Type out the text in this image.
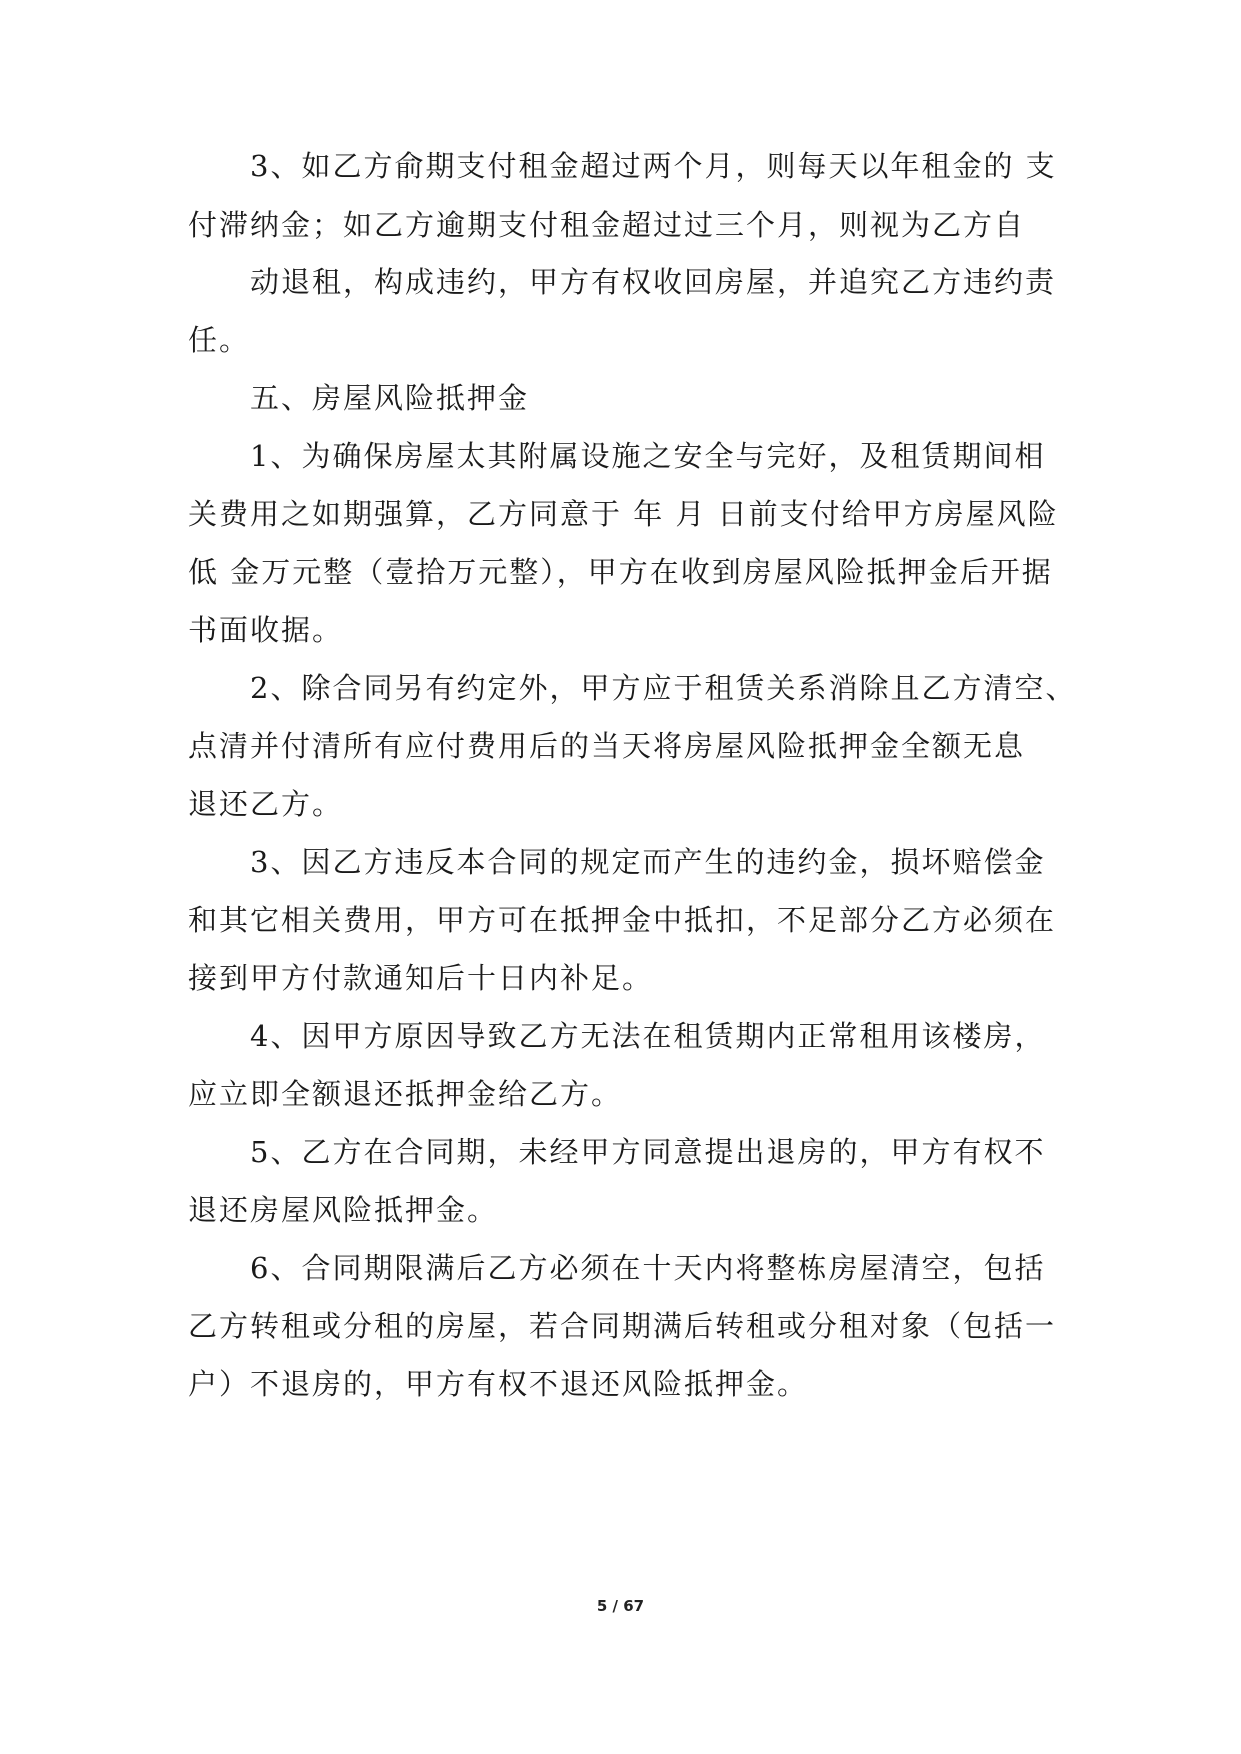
3、如乙方俞期支付租金超过两个月，则每天以年租金的 支
付滞纳金；如乙方逾期支付租金超过过三个月，则视为乙方自
动退租，构成违约，甲方有权收回房屋，并追究乙方违约责
任。
五、房屋风险抵押金
1、为确保房屋太其附属设施之安全与完好，及租赁期间相
关费用之如期强算，乙方同意于 年 月 日前支付给甲方房屋风险
低 金万元整（壹拾万元整），甲方在收到房屋风险抵押金后开据
书面收据。
2、除合同另有约定外，甲方应于租赁关系消除且乙方清空、
点清并付清所有应付费用后的当天将房屋风险抵押金全额无息
退还乙方。
3、因乙方违反本合同的规定而产生的违约金，损坏赔偿金
和其它相关费用，甲方可在抵押金中抵扣，不足部分乙方必须在
接到甲方付款通知后十日内补足。
4、因甲方原因导致乙方无法在租赁期内正常租用该楼房，
应立即全额退还抵押金给乙方。
5、乙方在合同期，未经甲方同意提出退房的，甲方有权不
退还房屋风险抵押金。
6、合同期限满后乙方必须在十天内将整栋房屋清空，包括
乙方转租或分租的房屋，若合同期满后转租或分租对象（包括一
户）不退房的，甲方有权不退还风险抵押金。
5 / 67
